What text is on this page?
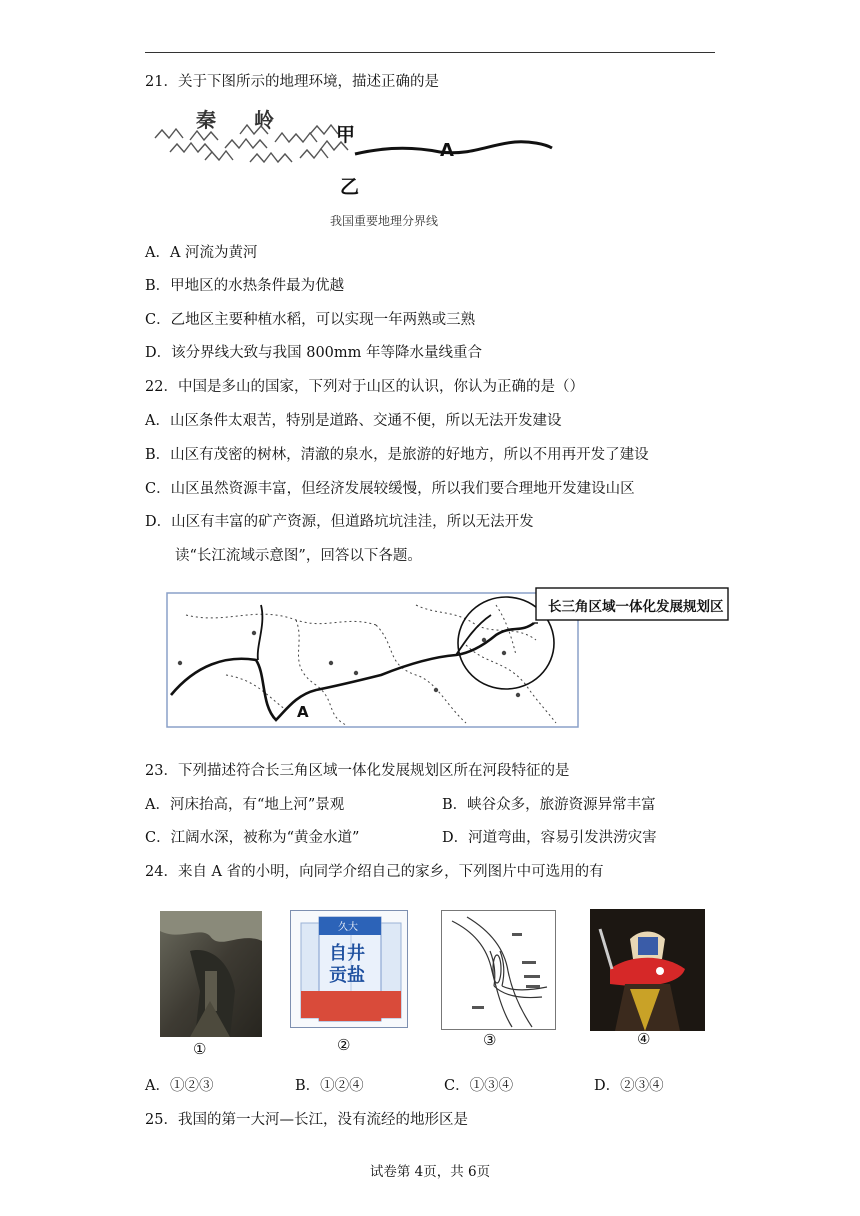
21．关于下图所示的地理环境，描述正确的是
秦 岭
甲
乙
A
我国重要地理分界线
A．A 河流为黄河
B．甲地区的水热条件最为优越
C．乙地区主要种植水稻，可以实现一年两熟或三熟
D．该分界线大致与我国 800mm 年等降水量线重合
22．中国是多山的国家，下列对于山区的认识，你认为正确的是（）
A．山区条件太艰苦，特别是道路、交通不便，所以无法开发建设
B．山区有茂密的树林，清澈的泉水，是旅游的好地方，所以不用再开发了建设
C．山区虽然资源丰富，但经济发展较缓慢，所以我们要合理地开发建设山区
D．山区有丰富的矿产资源，但道路坑坑洼洼，所以无法开发
读“长江流域示意图”，回答以下各题。
长三角区域一体化发展规划区
A
23．下列描述符合长三角区域一体化发展规划区所在河段特征的是
A．河床抬高，有“地上河”景观	B．峡谷众多，旅游资源异常丰富
C．江阔水深，被称为“黄金水道”	D．河道弯曲，容易引发洪涝灾害
24．来自 A 省的小明，向同学介绍自己的家乡，下列图片中可选用的有
①
久大
自井
贡盐
②	③	④
A．①②③	B．①②④	C．①③④	D．②③④
25．我国的第一大河—长江，没有流经的地形区是
试卷第 4页，共 6页
